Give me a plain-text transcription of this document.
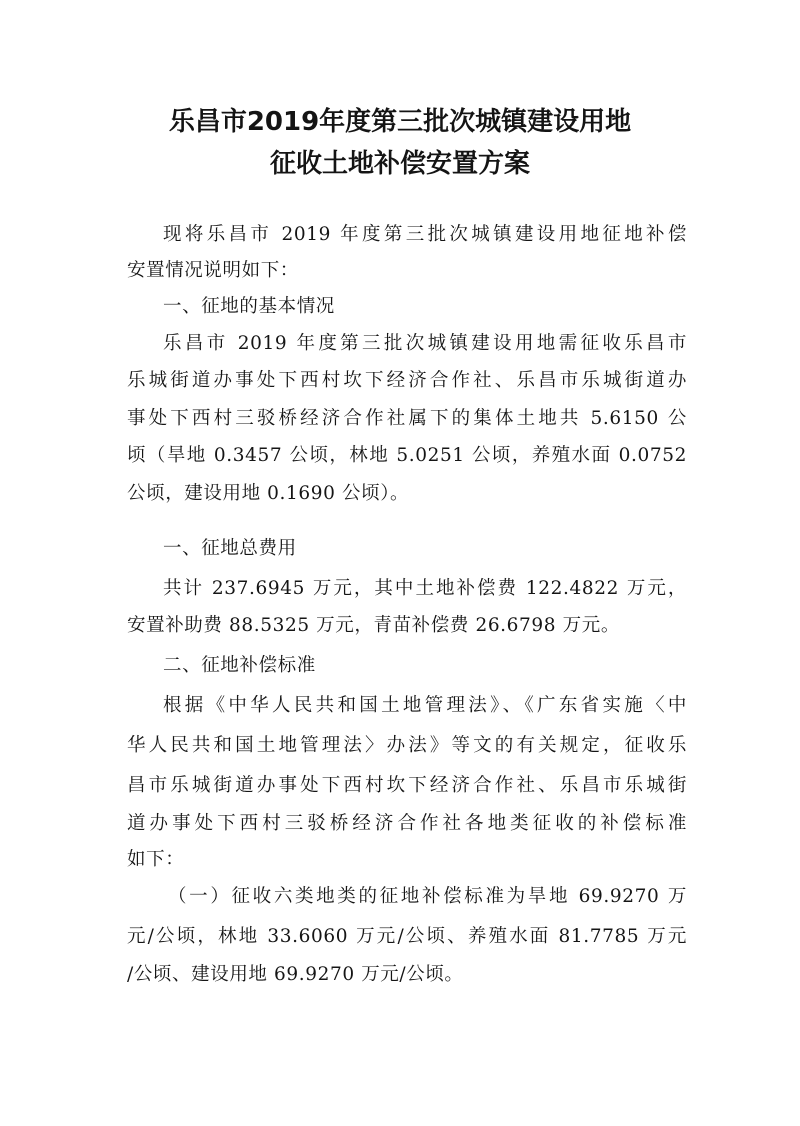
乐昌市2019年度第三批次城镇建设用地
征收土地补偿安置方案
现将乐昌市 2019 年度第三批次城镇建设用地征地补偿
安置情况说明如下：
一、征地的基本情况
乐昌市 2019 年度第三批次城镇建设用地需征收乐昌市
乐城街道办事处下西村坎下经济合作社、乐昌市乐城街道办
事处下西村三驳桥经济合作社属下的集体土地共 5.6150 公
顷（旱地 0.3457 公顷，林地 5.0251 公顷，养殖水面 0.0752
公顷，建设用地 0.1690 公顷）。
一、征地总费用
共计 237.6945 万元，其中土地补偿费 122.4822 万元，
安置补助费 88.5325 万元，青苗补偿费 26.6798 万元。
二、征地补偿标准
根据《中华人民共和国土地管理法》、《广东省实施〈中
华人民共和国土地管理法〉办法》等文的有关规定，征收乐
昌市乐城街道办事处下西村坎下经济合作社、乐昌市乐城街
道办事处下西村三驳桥经济合作社各地类征收的补偿标准
如下：
（一）征收六类地类的征地补偿标准为旱地 69.9270 万
元/公顷，林地 33.6060 万元/公顷、养殖水面 81.7785 万元
/公顷、建设用地 69.9270 万元/公顷。
